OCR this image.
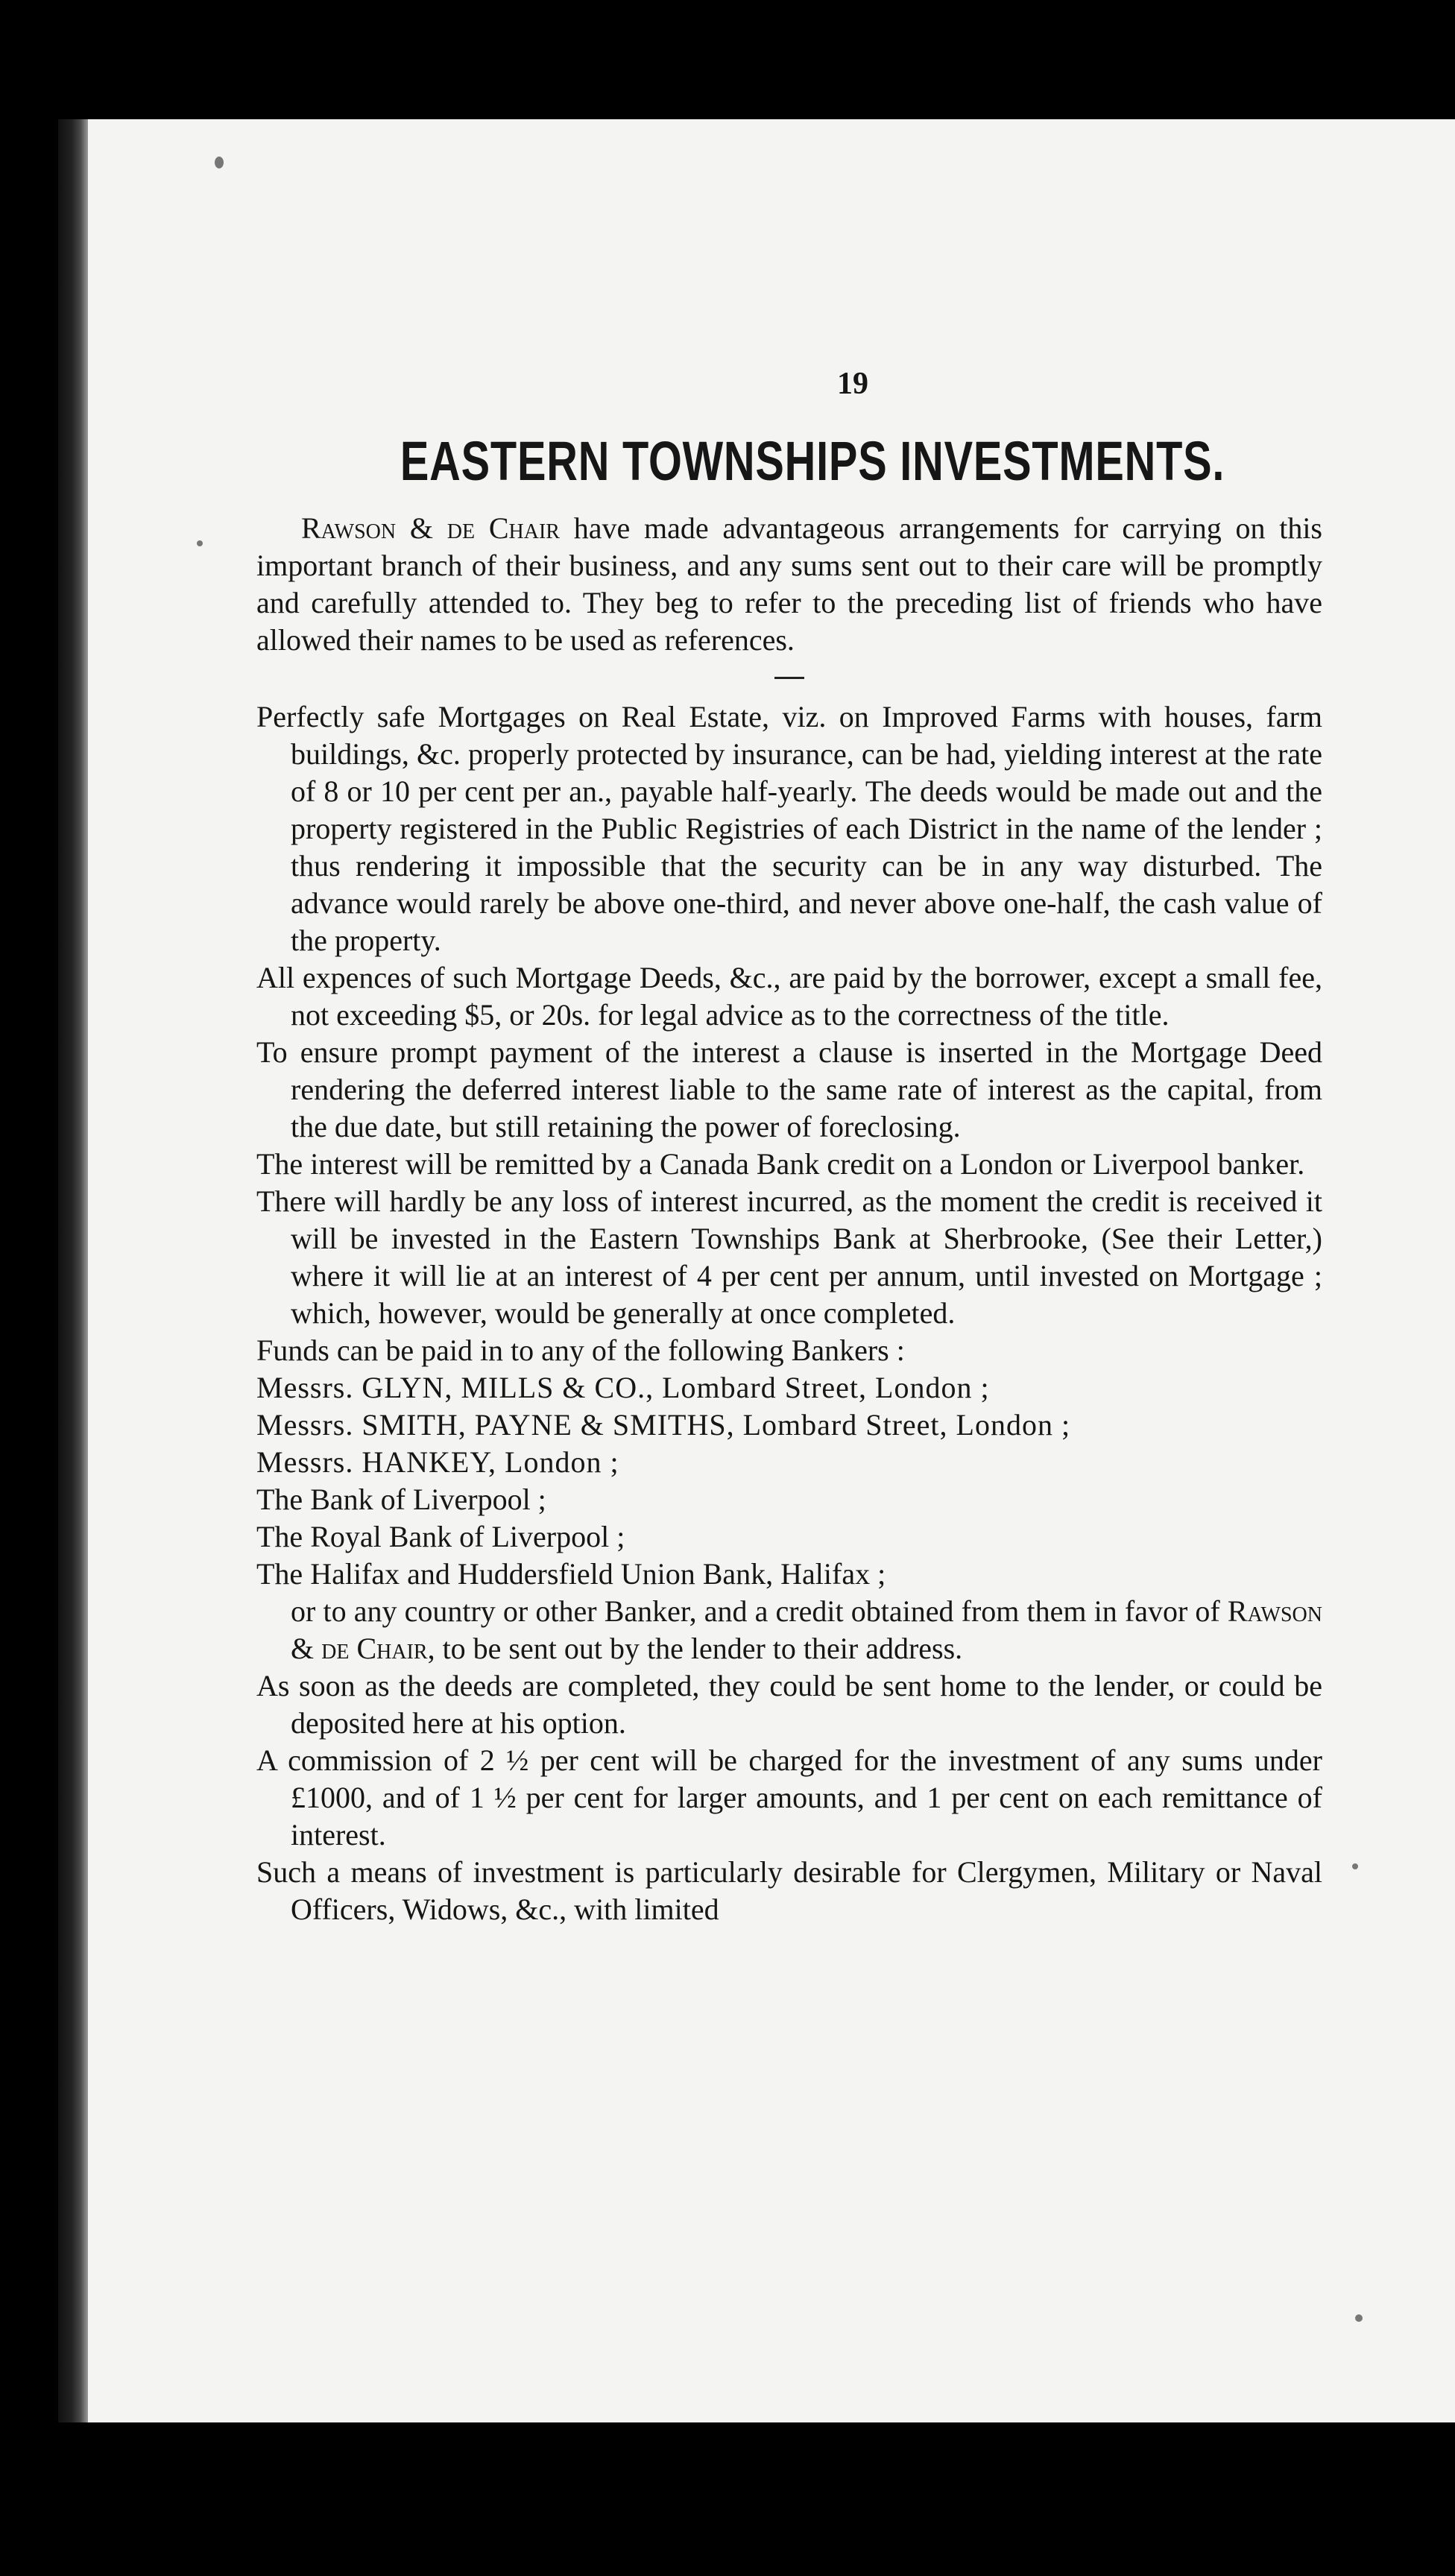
19
EASTERN TOWNSHIPS INVESTMENTS.

Rawson & de Chair have made advantageous arrangements for carrying on this important branch of their business, and any sums sent out to their care will be promptly and carefully attended to. They beg to refer to the preceding list of friends who have allowed their names to be used as references.

Perfectly safe Mortgages on Real Estate, viz. on Improved Farms with houses, farm buildings, &c. properly protected by insurance, can be had, yielding interest at the rate of 8 or 10 per cent per an., payable half-yearly. The deeds would be made out and the property registered in the Public Registries of each District in the name of the lender ; thus rendering it impossible that the security can be in any way disturbed. The advance would rarely be above one-third, and never above one-half, the cash value of the property.

All expences of such Mortgage Deeds, &c., are paid by the borrower, except a small fee, not exceeding $5, or 20s. for legal advice as to the correctness of the title.

To ensure prompt payment of the interest a clause is inserted in the Mortgage Deed rendering the deferred interest liable to the same rate of interest as the capital, from the due date, but still retaining the power of foreclosing.

The interest will be remitted by a Canada Bank credit on a London or Liverpool banker.

There will hardly be any loss of interest incurred, as the moment the credit is received it will be invested in the Eastern Townships Bank at Sherbrooke, (See their Letter,) where it will lie at an interest of 4 per cent per annum, until invested on Mortgage ; which, however, would be generally at once completed.

Funds can be paid in to any of the following Bankers :

Messrs. GLYN, MILLS & CO., Lombard Street, London ;

Messrs. SMITH, PAYNE & SMITHS, Lombard Street, London ;

Messrs. HANKEY, London ;

The Bank of Liverpool ;

The Royal Bank of Liverpool ;

The Halifax and Huddersfield Union Bank, Halifax ;

or to any country or other Banker, and a credit obtained from them in favor of Rawson & de Chair, to be sent out by the lender to their address.

As soon as the deeds are completed, they could be sent home to the lender, or could be deposited here at his option.

A commission of 2 ½ per cent will be charged for the investment of any sums under £1000, and of 1 ½ per cent for larger amounts, and 1 per cent on each remittance of interest.

Such a means of investment is particularly desirable for Clergymen, Military or Naval Officers, Widows, &c., with limited
